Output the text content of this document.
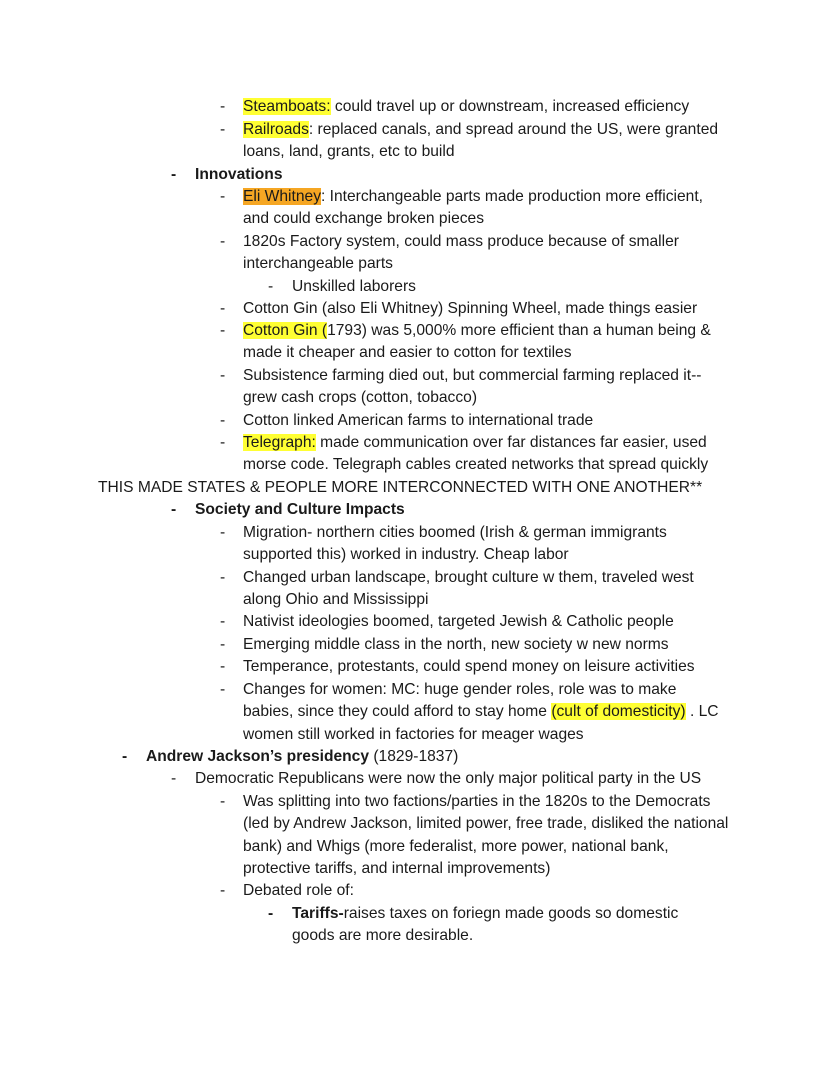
- Steamboats: could travel up or downstream, increased efficiency
- Railroads: replaced canals, and spread around the US, were granted loans, land, grants, etc to build
- Innovations
- Eli Whitney: Interchangeable parts made production more efficient, and could exchange broken pieces
- 1820s Factory system, could mass produce because of smaller interchangeable parts
- Unskilled laborers
- Cotton Gin (also Eli Whitney) Spinning Wheel, made things easier
- Cotton Gin (1793) was 5,000% more efficient than a human being & made it cheaper and easier to cotton for textiles
- Subsistence farming died out, but commercial farming replaced it-- grew cash crops (cotton, tobacco)
- Cotton linked American farms to international trade
- Telegraph: made communication over far distances far easier, used morse code. Telegraph cables created networks that spread quickly
THIS MADE STATES & PEOPLE MORE INTERCONNECTED WITH ONE ANOTHER**
- Society and Culture Impacts
- Migration- northern cities boomed (Irish & german immigrants supported this) worked in industry. Cheap labor
- Changed urban landscape, brought culture w them, traveled west along Ohio and Mississippi
- Nativist ideologies boomed, targeted Jewish & Catholic people
- Emerging middle class in the north, new society w new norms
- Temperance, protestants, could spend money on leisure activities
- Changes for women: MC: huge gender roles, role was to make babies, since they could afford to stay home (cult of domesticity) . LC women still worked in factories for meager wages
- Andrew Jackson’s presidency (1829-1837)
- Democratic Republicans were now the only major political party in the US
- Was splitting into two factions/parties in the 1820s to the Democrats (led by Andrew Jackson, limited power, free trade, disliked the national bank) and Whigs (more federalist, more power, national bank, protective tariffs, and internal improvements)
- Debated role of:
- Tariffs-raises taxes on foriegn made goods so domestic goods are more desirable.
